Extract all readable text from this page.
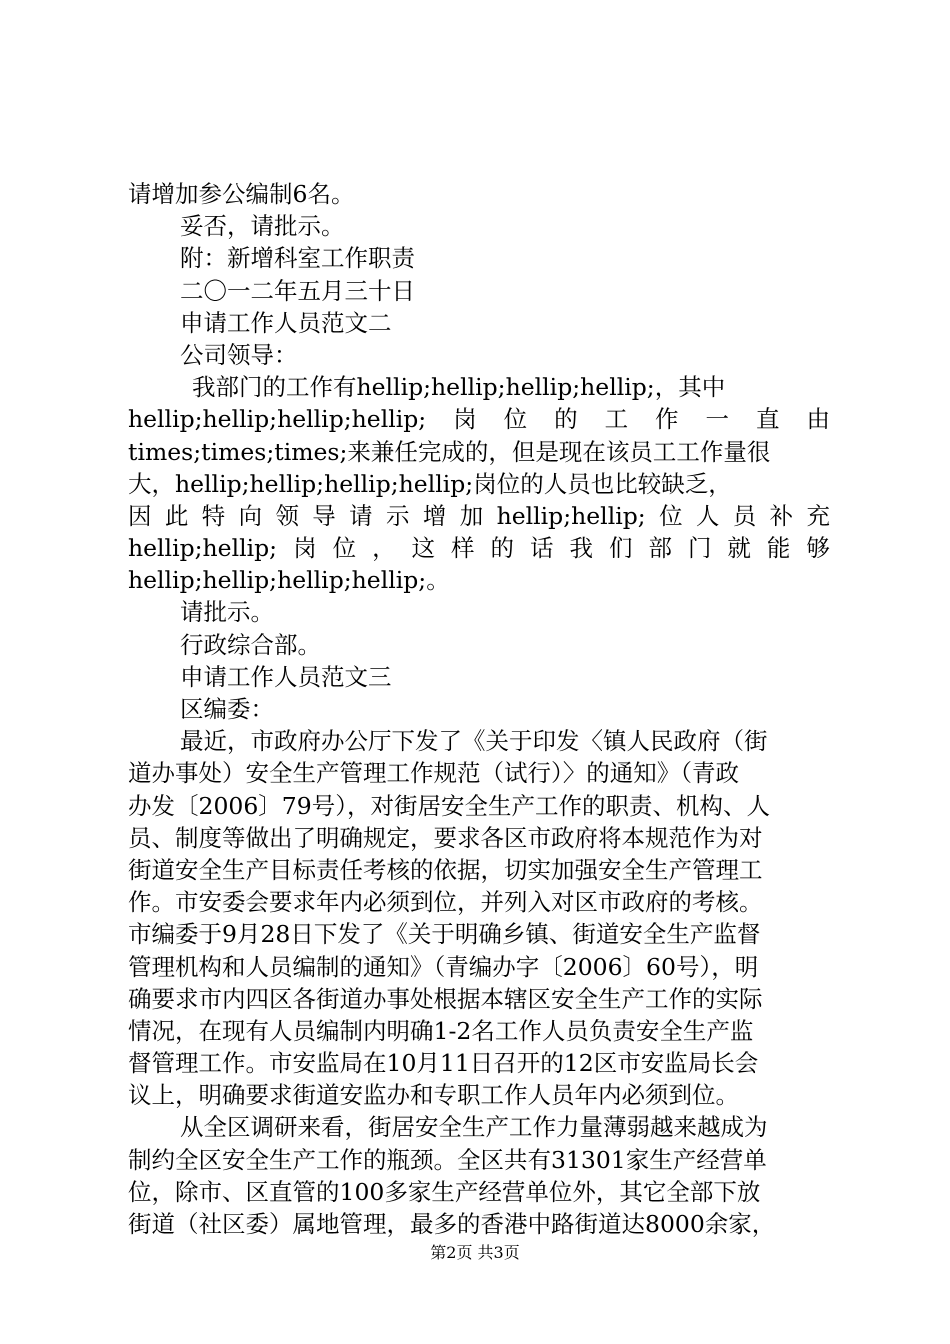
请增加参公编制6名。
妥否，请批示。
附：新增科室工作职责
二〇一二年五月三十日
申请工作人员范文二
公司领导：
我部门的工作有hellip;hellip;hellip;hellip;，其中
hellip;hellip;hellip;hellip; 岗 位 的 工 作 一 直 由
times;times;times;来兼任完成的，但是现在该员工工作量很
大，hellip;hellip;hellip;hellip;岗位的人员也比较缺乏，
因 此 特 向 领 导 请 示 增 加 hellip;hellip; 位 人 员 补 充
hellip;hellip; 岗 位 ， 这 样 的 话 我 们 部 门 就 能 够
hellip;hellip;hellip;hellip;。
请批示。
行政综合部。
申请工作人员范文三
区编委：
最近，市政府办公厅下发了《关于印发〈镇人民政府（街
道办事处）安全生产管理工作规范（试行）〉的通知》（青政
办发〔2006〕79号），对街居安全生产工作的职责、机构、人
员、制度等做出了明确规定，要求各区市政府将本规范作为对
街道安全生产目标责任考核的依据，切实加强安全生产管理工
作。市安委会要求年内必须到位，并列入对区市政府的考核。
市编委于9月28日下发了《关于明确乡镇、街道安全生产监督
管理机构和人员编制的通知》（青编办字〔2006〕60号），明
确要求市内四区各街道办事处根据本辖区安全生产工作的实际
情况，在现有人员编制内明确1-2名工作人员负责安全生产监
督管理工作。市安监局在10月11日召开的12区市安监局长会
议上，明确要求街道安监办和专职工作人员年内必须到位。
从全区调研来看，街居安全生产工作力量薄弱越来越成为
制约全区安全生产工作的瓶颈。全区共有31301家生产经营单
位，除市、区直管的100多家生产经营单位外，其它全部下放
街道（社区委）属地管理，最多的香港中路街道达8000余家，
第2页 共3页
